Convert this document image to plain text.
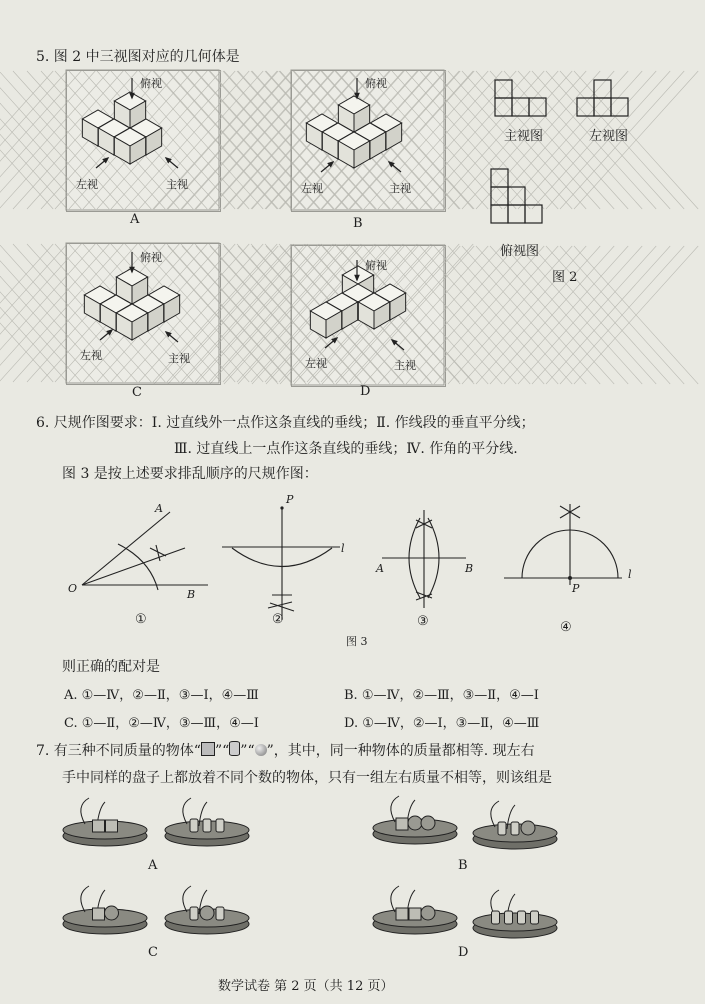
5. 图 2 中三视图对应的几何体是
俯视
左视	主视
A
俯视
左视	主视
B
俯视
左视	主视
C
俯视
左视	主视
D
主视图	左视图
俯视图
图 2
6. 尺规作图要求：Ⅰ. 过直线外一点作这条直线的垂线；Ⅱ. 作线段的垂直平分线；
Ⅲ. 过直线上一点作这条直线的垂线；Ⅳ. 作角的平分线.
图 3 是按上述要求排乱顺序的尺规作图：
A
O	B
P
l
A	B
P
l
①	②	③	④
图 3
则正确的配对是
A. ①—Ⅳ，②—Ⅱ，③—Ⅰ，④—Ⅲ	B. ①—Ⅳ，②—Ⅲ，③—Ⅱ，④—Ⅰ
C. ①—Ⅱ，②—Ⅳ，③—Ⅲ，④—Ⅰ	D. ①—Ⅳ，②—Ⅰ，③—Ⅱ，④—Ⅲ
7. 有三种不同质量的物体“ ”“ ”“ ”，其中，同一种物体的质量都相等. 现左右
手中同样的盘子上都放着不同个数的物体，只有一组左右质量不相等，则该组是
A	B
C	D
数学试卷 第 2 页（共 12 页）
